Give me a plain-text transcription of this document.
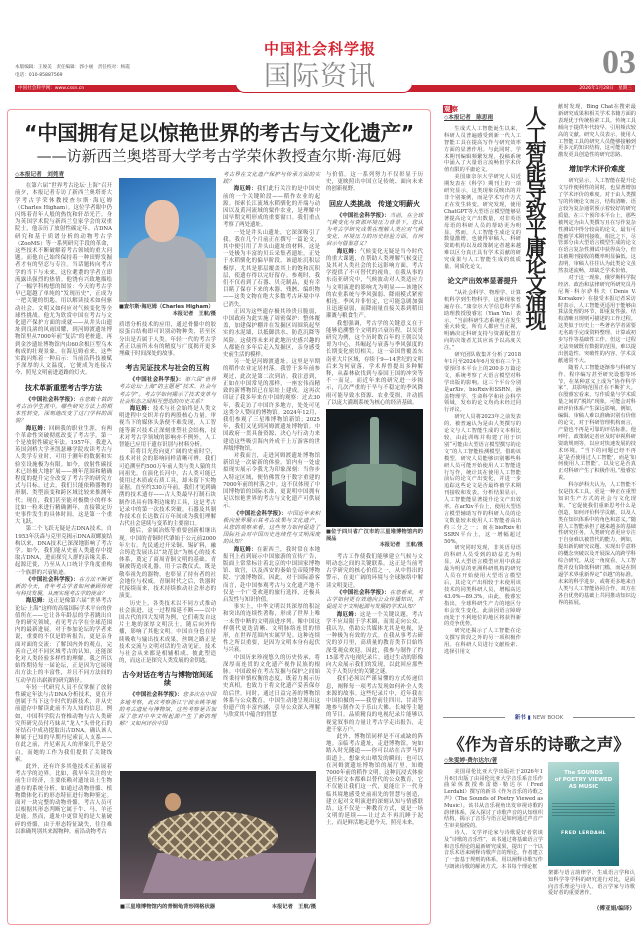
中国社会科学报
本版编辑：王俊美　责任编辑：郭小丽　责任校对：杨霞
电话：010-85887569	03
国际资讯
中国社会科学网：www.cssn.cn	2026年1月28日　星期三
“中国拥有足以惊艳世界的考古与文化遗产”
——访新西兰奥塔哥大学考古学荣休教授查尔斯·海厄姆

◇本报记者　刘莞青

在第六届“世界考古论坛·上海”召开前夕，本报记者专访了新西兰奥塔哥大学考古学荣休教授查尔斯·海厄姆（Charles Higham）。这位学者眼中仍闪烁着青年人般的热忱和轩昂光芒。身为英国学术院与新西兰皇家学会的双重院士，他亲历了放射性碳定年、古DNA研究和基于质谱分析的动物考古学（ZooMS）等一系列研究手段的革命，这些技术不断破解着考古领域的重大问题。而他自己始终保持着一种田野发掘者才有的坚忍与专注。当话题转向考古学的当下与未来，这位耄耋的学者立即流露出强烈的热情。他饶有兴致地描绘了一幅学科构想的图景：今天的考古学早已超越了单纯的“发现历史”，正成为一把关键的钥匙，用以解读技术如何驱动社会、文明又如何应对气候变化等全球性挑战。他尤为欣赏中国在考古与文化遗产保护方面的成就——从井头山遗址到良渚的风雨国耀，到河姆渡遗址博物馆里从7000年前“复活”的老桩遗，再到金沙遗址博物馆内由60余根巨型乌木构成的壮观景象。在海厄姆看来，这些实践闪烁着一种启示：当前沿科技被赋予深厚的人文温度，它便成为连接古今、照见文明前进道路的灯火。

技术革新重塑考古学方法

《中国社会科学报》：在您数十载的考古治学生涯中，哪些研究方法上的根本性转变，深刻地改变了这门学科的面貌？

海厄姆：回顾我的职业生涯，有两个革命性突破彻底改变了考古学。第一个是放射性碳定年法。1957年，我进入英国剑桥大学圣凯瑟琳学院攻读考古与人类学专业时，可用于测年的数据和实验室设施极为有限。如今，放射性碳技术已经极大地扩展——测年范围和精确程度的提升完全改变了考古学的研究方式与目标。过去，我们只能依赖器物的形制、类型演变和跨区域比较来推测年代；现在，我们甚至能对极微小的样本比如一粒米进行精确测年，直接锁定历史事件发生的具体时间。这是第一个重大飞跃。

第二个飞跃无疑是古DNA技术。自1953年沃森与克里克揭示DNA双螺旋结构以来，DNA技术已深深地影响了考古学。如今，我们能从史前人类遗存中提取古DNA，进而探究人群的亲缘关系、起源迁徙，乃至从人口统计学角度重构一个族群的兴衰轨迹。

《中国社会科学报》：在方法不断更新的今天，青年考古学者如何兼顾传统与科技发展，从而实现考古学的使命？

海厄姆：这正是像第六届“世界考古论坛·上海”这样的高端国际学术平台的价值所在——它让各年龄层的学者跳出自身的研究领域，看见考古学在全球范围内的最新进展。对于参加论坛的学者来说，重要的不仅是聆听报告，更是亲身面对面的交流：了解国内外的观点，完善自己对不同区域考古的认知，还能深化对人类经验多样性的理解。我之所以始终期待每一届论坛，正是因为它展现出方法上的丰富性，并且不同方法间的互动孕育出崭新的研究路径。

年轻一代研究人员不仅掌握了放射性碳定年法与古DNA分析技术，更在开创属于当下这个时代的新技术，并从史前遗存中解读此前不为人知的信息。例如，中国科学院古脊椎动物与古人类研究所研究员付巧妹从“龙人”头骨化石的牙结石中成功提取出古DNA，确认该人种属于已知的早期丹尼索瓦人支系——在此之前，丹尼索瓦人的形象几乎是空白，而她的工作为我们提供了关键线索。

此外，还有许多其他技术正拓展着考古学的边界。比如，我早年关注的史前生计经济，主要依赖对遗址出土生物遗存的系统分析，如通过动物骨骼、植物微体化石的形态特征进行物种鉴定。面对一块完整的动物骨骼，考古人员可以根据其形态判断它属于牛、马、羊还是鹿。然而，遗址中更常见的是大量破碎的骨骼，由于形态特征缺失，往往难以准确判别其来源物种。前沿动物考古

■查尔斯·海厄姆（Charles Higham）

本报记者　王航/摄

质谱分析技术的应用，通过骨骼中的胶原蛋白结构即可识别动物种类，甚至区分出是否属于人类。年轻一代的考古学者正以前所未有的精度与广度揭开更多埋藏于时间深处的故事。

考古见证技术与社会的互构

《中国社会科学报》：第六届“世界考古论坛·上海”的主题是“技术、社会与考古学”。考古学如何揭示了技术变革与社会形态之间相互塑造的历史关系？

海厄姆：技术与社会始终是人类文明进程中交织并存的两股核心力量。审视当下的媒体头条便不难发现，人工智能等新兴技术正深刻重塑社会结构，技术对考古学领域的影响亦不例外，人工智能已应用于遗存识别与材料分析。

若将目光投向更广阔的史前时空，技术对社会的影响同样清晰可辨。我们可追溯至约500万年前人类与类人猿的共同祖先。在演化长河中，古人类可能已使用过木质或石质工具，却未留下实物证据。直至约330万年前，我们才见到确凿的技术遗存——古人类最早打制石块制作出具有锋利边缘的工具，这是考古记录中的第一次技术突破。石器及其制作技术在长达数百万年间成为我们理解古代社会延续与变革的主要窗口。

随后，金属冶炼等重要创新相继出现。中国的青铜时代肇始于公元前2000年左右，先民通过开采铜、锡矿料，融合铸造发展出以“块范法”为核心的技术体系，奠定了商周青铜文明的基础。青铜被铸造成礼器，用于宗教仪式，既是敬奉祖先的器物，也彰显了持有者的社会地位与权威。青铜时代之后，铁器时代接续而来，技术持续推动社会形态的演变。

历史上，各类技术以不同方式推动社会演进，这一过程绵延不断——以中国古代的四大发明为例，它们萌发自这片土地的深厚文明沃土，随后向外传播，影响了其他文明。中国自身也在持续吸收与输出技术成果，丝绸之路正是技术交流与文明对话的生动见证。技术与社会从来都是相辅相成、彼此塑造的，而这正是探究人类发展的金钥匙。

古今对话在考古与博物馆间延续

《中国社会科学报》：您多次在中国多地考察，此次考察浙江宁波余姚等地的考古遗址与博物馆，这些考察是否加深了您对中华文明起源产生了新的理解？又如何评价中国

考古界在文化遗产保护与传承方面的实践？

海厄姆：我们此行关注的是中国史前的一个关键阶段——稻作农业的起源。探索长江流域水稻驯化的开端与动因以及黄河流域的粟作农业，是理解中国早期文明形成的重要窗口。我们重点考察了两处遗址。

一处是井头山遗址，它深深吸引了我。我在几个月前正在撰写一篇论文，其中便引用了井头山遗址的材料。这是一处极为丰富的贝丘采集者遗址，正处于水稻驯化的偏早阶段。该遗址沉积层极厚，尤其是那层覆盖其上的饱和沉积层，使遗存得以完好留存。参观时，我们不仅看到了石器、贝壳制品，更有幸目睹了保存下来的木器、残骸、编织物——这类文物在绝大多数考古环境中早已消失。

正因为这些遗存极其珍贵且脆弱，中国政府为此实施了周密保护：整体覆盖，加建保护棚并在发掘区周围筑起坚实的水泥墙，以抵御洪水、防范沉降等风险。这使得未来对此地历史感兴趣的人都能在多年后走入发掘区，亲身感受史前生活的模样。

另一处是河姆渡遗址。这里是早期的稻作农业定居村落。我曾于多年前参观过，此次是第二次到访。我注意到，正如在中国常见的那样，一座宏伟而精致的新博物馆已在原址上建成。这再次印证了我多年来在中国的观察：过去30年，我走访了中国许多地方，处处可见这类令人赞叹的博物馆。2024年12月，我们参观了三星堆博物馆新馆；2025年，我们又见到河姆渡遗址博物馆。中国政府一贯具备资源、决心与行动力来建造这些吸引海内外成千上万游客的世界级博物馆。

对我而言，走进河姆渡遗址博物馆新馆是一次崭新的体验。馆内有一处虚拟现实展示令我尤为印象深刻：当你步入特定区域，便仿佛置身于数字重建的7000年前的村落之中。这不仅体现了中国博物馆的国际水准，更说明中国拥有足以惊艳世界的考古与文化遗产可供展示。

《中国社会科学报》：中国近年来积极向世界展示其考古成果与文化遗产，从您的观察来看，这些努力如何促进了国际社会对中国历史连续性与文明深度的认知？

海厄姆：在新西兰，我时常在本地报刊上看到展示中国旅游的宣传广告，版面上常常标注着北京的中国国家博物馆、故宫，以及西安的秦始皇帝陵博物院、宁波博物馆。因此，对于国际游客而言，赴中国参观考古与文化遗产地不仅是一个广受欢迎的旅行选择，还极具启发性与知识价值。

事实上，中华文明以其深厚的积淀和突出的连续性著称，形成了世界上唯一未曾中断的文明演进序列。像中国这样朝代更迭清晰、文明脉络连贯的情形，在世界范围内实属罕见。这种连续性之所以重要，是因为文明本身有起伏与兴衰。

中国历来珍视悠久的历史传承，将深厚而连贯的文化遗产视作民族的根脉。中国政府在考古发掘与保护之间始终秉持审慎权衡的态度，既着力揭示历史真相，也致力于将文化遗产妥善保存给后世。同时，通过日益完善的博物馆体系与公众教育，中国生动地呈现出这份遗产的丰富内涵，引导公众深入理解与欣赏其中蕴含的智慧

与价值。这一系列努力不仅彰显于历史，更映照出中国立足传统、面向未来的创新视野。

回应人类挑战　传递文明薪火

《中国社会科学报》：当前，在全球气候变化与资源环境压力背景下，您认为考古学研究成果在理解人类应对气候变化、环境压力的历史经验方面，有何启示与借鉴意义？

海厄姆：气候变化无疑是当今时代的重大课题，在帮助人类理解气候变迁及其对人类社会的长远影响方面，考古学提供了不可替代的视角。在我从事的东南亚研究中，气候波动对人类适应力与文明演进的影响尤为明显——该地区的农业系统与季风强弱、降雨模式紧密相连。季风并非恒定，它可能急剧加强且迅速衰弱，而降雨量直接关系到稻田灌溉与粮食生产。

我想强调，考古学的关键意义在于能够追溯整个文明的兴衰历程。以吴哥研究为例，这个历时数百年的王朝以吴哥为中心，其崛起与衰落与季风强度的长期变化密切相关。这一帝国曾覆盖东南亚大片区域，存续于9—14世纪的文明后来为何衰落，学术界曾提出多种解释，从森林砍伐到与泰国王国的冲突等不一而足。而近年来的研究进一步揭示，几次严重的干旱与不稳定的季风降雨可能导致水资源、农业受损，并动摇了以庞大灌溉系统为核心的经济基础。

■位于四川省广汉市的三星堆博物馆内的展品

本报记者　王航/摄

考古工作使我们能够建立气候与文明动态之间的关键联系。这正是当前考古学研究的核心价值之一，从中得出的警示，在更广阔的环境与全球脉络中解读文明变迁。

《中国社会科学报》：在您看来，考古学如何更有效地向公众传播知识，并促进关于文明起源与发展的学术认知？

海厄姆：这是一个关键议题。考古学不应局限于学术圈，而需走向公众。我认为，借助公共媒体尤其是电视，是一种极为有效的方式。在我从事考古研究的岁月里，高质量的教育类节目始终深受观众欢迎。因此，我参与制作了约15部考古电视纪录片，通过生动的影像向大众展示我们的发现，以此回应那些关于人类历史的关键之谜。

我们必须以严谨易懂的方式传递信息，阐释每一项考古发现如何补全人类来源的故事。这些纪录片中，近年我在中国拍摄的——我曾前往四川、甘肃等地参与制作关于乐山大佛、长城等主题的节目。品质精良的电视纪录片能够以视觉叙事的力量让考古学走出报告，走进千家万户。

此外，博物馆同样是不可或缺的阵地。亲临考古遗址，走进博物馆，宛如踏入时光隧道——你可以站在古罗马的街道上，想象火山喷发的瞬间；也可以在河姆渡遗址博物馆的展厅里，知晓7000年前的稻作文明。这种沉浸式体验是任何文本都难以替代的公众教育，它不仅能让我们这一代，更能让下一代身临其境地感受史前祖先的智慧与创造，建立起对文明演进的深刻认知与情感联结。这不仅是一种教育方式，更是一场文明的延续——让过去不再沉睡于泥土，而是鲜活地走进今天，照亮未来。

■三星堆博物馆内的青铜龟背形网格状器	本报记者　王航/摄
观察	人工智能导致平庸论文涌现

◇本报记者　陈思雨

生成式人工智能诞生以来，科研人员普遍感受到新一代人工智能工具在提高写作与研究效率方面的显著作用。与此同时，学术期刊编辑频繁发现，投稿系统中涌入了大量语言流畅但学术价值有限的平庸论文。

美国康奈尔大学研究人员近期发表在《科学》期刊上的一项研究显示，这类现象反映出的并非个别案例，而是学术写作方式正在发生转变。研究发现，使用ChatGPT等大型语言模型能够显著提高论文产出数量，对非英语母语的科研人员的帮助更为明显。然而，人工智能生成论文的数量激增，也使得审稿人、科研资助机构以及政策制定者越来越难以区分真正具有学术贡献的研究成果与人工智能生成的低质量、同质化论文。

论文产出效率显著提升

“从社会科学、物理学、计算机科学到生物科学，这种现象普遍存在。”康奈尔大学信息科学系助理教授殷睿宏（Yian Yin）表示，“当前科研生态系统正在发生重大转变，所有人都应当正视，明确决定科研支持与资源配置方向的决策者尤其应该予以高度关注。”

研究团队收集并分析了2018年1月至2024年6月发布在三个主要预印本平台上的200多万篇论文，系统考察了大语言模型对科学出版的影响。这三个平台分别是arXiv、bioRxiv和SSRN，涵盖物理学、生命科学和社会科学领域，发布的论文均尚未经过同行评议。

研究人员将2023年之前发表的、被普遍认为是由人类撰写的论文与人工智能生成的文本相比较，由此训练并构建了用于识别“可能由大型语言模型撰写的论文”的人工智能检测模型。借助该模型，研究人员能够识别哪些科研人员可能开始使用人工智能进行写作，统计其在使用人工智能前后的论文产出变化，并进一步追踪这些论文是否最终被学术期刊接收和发表。分析结果显示，人工智能能显著提升论文产出效率。在arXiv平台上，使用大型语言模型辅助写作的科研人员的论文数量较未使用人工智能者高出约三分之一；而在bioRxiv和SSRN平台上，这一增幅超过50%。

研究同时发现，非英语母语的科研人员受到的助益尤为明显。从大型语言模型应用中获益最为明显的亚洲科研机构的研究人员在开始使用大型语言模型后，其论文产出相较于未使用该技术的同类科研人员，增幅高达43.0%—89.3%。由此，殷睿宏指出，全球科研生产力的地区分布会发生变化，此前因语言障碍而处于不利地位的地区将获得新的竞争优势。

研究还揭示了人工智能在论文撰写阶段之外的另一项积极作用。在科研人员进行文献检索、选择引用文

献时发现，Bing Chat在搜索最新研究成果和相关学术书籍方面的表现优于传统检索工具。传统工具倾向于提供年代较早、引用频次较高的文献。研究人员表示，使用人工智能工具的研究人员能够接触到更多元的知识结构，这可能有助于激发更具创造性的研究思路。

增加学术评价难度

研究显示，人工智能在提升论文写作便利性的同时，也显著增加了学术评价的难度。对于由人类撰写的传统论文而言，结构清晰、语言较为复杂通常预示着较好的研究质量。在三个预印本平台上，那些被判定为由人类撰写且在写作复杂性测试中得分较高的论文，最有可能被学术期刊接收。相比之下，尽管部分由大型语言模型生成的论文在语言复杂性测试中获得高分，但其被期刊接收的概率明显偏低。这表明，审稿人往往认为此类论文虽然表述流畅，却缺乏学术价值。

对于这一现象，俄罗斯科学院经济、政治和法律研究所研究员丹尼斯·科尔萨科夫（Denis V. Korsakov）在接受本报记者采访时表示，人工智能更适用于能够由算法处理的环节，即重复性强、结构清晰且规则可描述的工作过程。这类似于历史上一些著名学者需要无名助手完成资料整理、计算或初步写作等基础性工作。但这一过程无法突破既有数据的范围，难以提出创造性、突破性的内容，学术贡献通常不大。

随着人工智能逐渐参与科研写作、程序编写甚至研究设想等环节，在某种意义上成为“协作科学家”，其影响范围正在不断扩大。在殷睿宏看来，写作质量与学术质量之间的“脱钩”现象，可能会对科研评价体系产生深远影响。例如，编辑、审稿人难以准确识别有价值的论文，对于科研管理机构而言，产量也不再是可靠的评估标准。他呼吁，政策制定者应及时审视科研资助规则等，以应对快速发展的技术环境。“当下的问题已经不再是‘是否使用过人工智能’，而是‘如何使用人工智能’，以及它是否真正对科研产生了积极作用。”殷睿宏说。

科尔萨科夫认为，人工智能不仅是技术工具，更是一种正在重塑知识生产方式的社会与文化现象。“它促使我们重新思考什么是创造，如何评价科学贡献，以及人类在知识体系中的角色和意义。”随着人工智能承担了越来越多的基础性研究任务，人类研究者更应专注于自身难以被替代的能力，例如，提出新的研究议题、实现出乎意料的概念突破以及开展深入的跨学科综合研究。从这一角度看，人工智能并没有降低科研门槛，而是在倒逼学术界重新界定“卓越”的标准。未来的科学进步，或将更多地来自人类与人工智能协同合作，双方在各自优势的基础上共同推动知识边界的拓展。

新书 ▮ NEW BOOK
《作为音乐的诗歌之声》

◇朱雯婷·费尔达尔/著

美国哥伦比亚大学出版社于2026年1月6日出版了由哥伦比亚大学音乐系音乐作曲荣休教授弗雷德·勒达尔（Fred Lerdahl）撰写的新书《作为音乐的诗歌之声》（The Sounds of Poetry Viewed as Music）。该书从音乐视角出发审视诗歌的韵律体系，深入探讨了诗歌声音的认知组织结构，揭示了音乐与语言是如何通过声音产生审美愉悦的。

诗人、文学评论家与诗歌爱好者常谈及“诗歌的音乐性”，该书通过将基础语言学和音乐理论的最新研究成果，提出了一个以音乐术语来阐释诗歌声音的理论。作者建立了一套基于规则的体系，用以阐释诗歌写作与朗读诗歌的解读方式。本书每个理论框

The SOUNDS
of POETRY VIEWED
AS MUSIC
FRED LERDAHL

架都与语言韵律学、生成语言学和认知科学等学科的研究进行对比，是面向音乐理论与诗人、语言学家与诗歌爱好者的重要著作。

（傅亚娟/编译）
